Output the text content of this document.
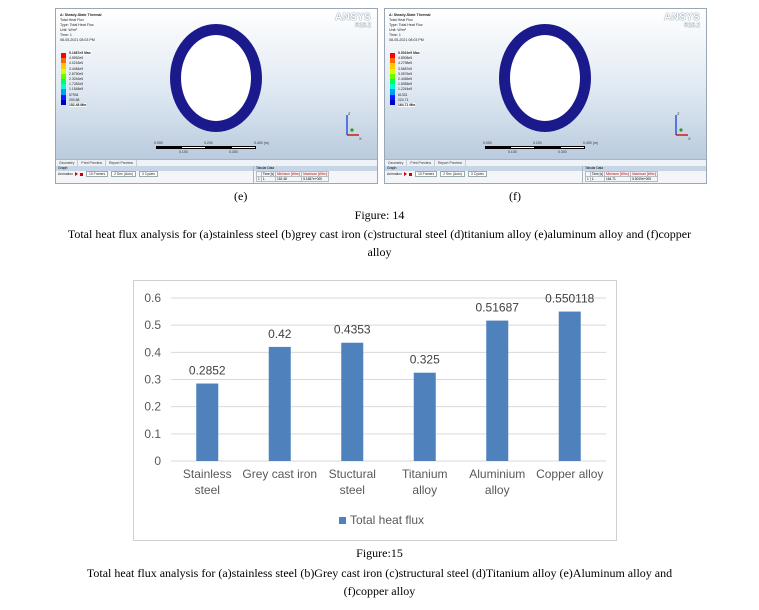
A: Steady-State Thermal
Total Heat Flux
Type: Total Heat Flux
Unit: W/m²
Time: 1
08-05-2021 08:03 PM
ANSYS
R16.2
5.1687e5 Max
4.5952e5
4.0218e5
3.4484e5
2.8750e5
2.3016e5
1.7282e5
1.1548e5
57934
200.68
152.48 Min
0.000	0.200	0.400 (m)
0.100	0.300
Z
X
Geometry Print Preview Report Preview
Graph
Animation	10 Frames	2 Sec (Auto)	3 Cycles
Tabular Data
	Time [s]	Minimum [W/m²]	Maximum [W/m²]
1	1.	152.48	5.1687e+005
A: Steady-State Thermal
Total Heat Flux
Type: Total Heat Flux
Unit: W/m²
Time: 1
08-05-2021 08:03 PM
ANSYS
R16.2
5.5019e5 Max
4.8908e5
4.2798e5
3.6687e5
3.0576e5
2.4465e5
1.8355e5
1.2244e5
61331
224.71
164.71 Min
0.000	0.200	0.400 (m)
0.100	0.300
Z
X
Geometry Print Preview Report Preview
Graph
Animation	10 Frames	2 Sec (Auto)	3 Cycles
Tabular Data
	Time [s]	Minimum [W/m²]	Maximum [W/m²]
1	1.	164.71	5.5019e+005
(e)	(f)
Figure: 14
Total heat flux analysis for (a)stainless steel (b)grey cast iron (c)structural steel (d)titanium alloy (e)aluminum alloy and (f)copper
alloy
0
0.1
0.2
0.3
0.4
0.5
0.6
0.2852
Stainless
steel
0.42
Grey cast iron
0.4353
Stuctural
steel
0.325
Titanium
alloy
0.51687
Aluminium
alloy
0.550118
Copper alloy
Total heat flux
Figure:15
Total heat flux analysis for (a)stainless steel (b)Grey cast iron (c)structural steel (d)Titanium alloy (e)Aluminum alloy and
(f)copper alloy
